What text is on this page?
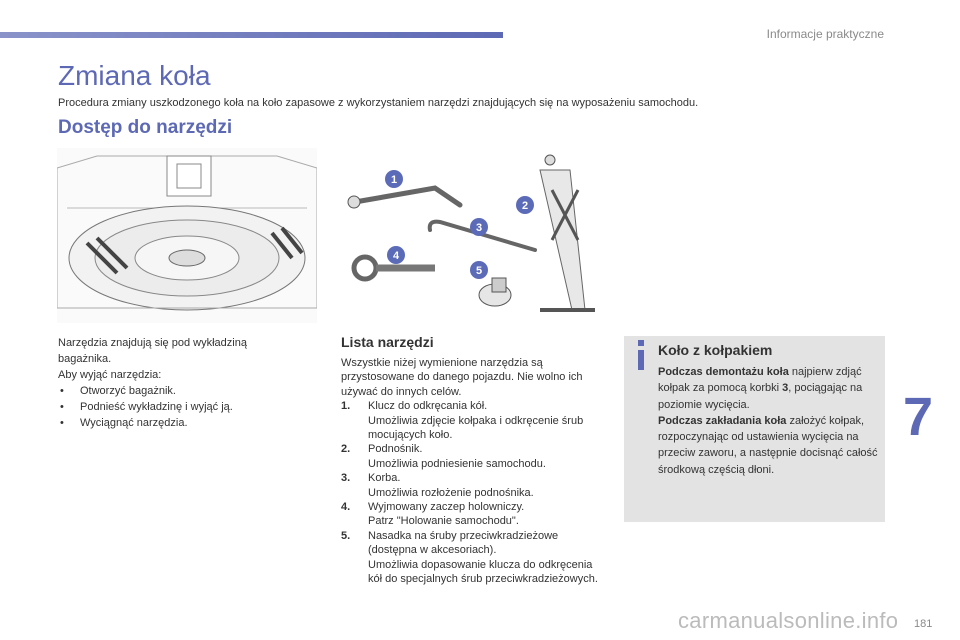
Informacje praktyczne
Zmiana koła
Procedura zmiany uszkodzonego koła na koło zapasowe z wykorzystaniem narzędzi znajdujących się na wyposażeniu samochodu.
Dostęp do narzędzi
1
2
3
4
5
Narzędzia znajdują się pod wykładziną bagażnika.
Aby wyjąć narzędzia:
•	Otworzyć bagażnik.
•	Podnieść wykładzinę i wyjąć ją.
•	Wyciągnąć narzędzia.
Lista narzędzi
Wszystkie niżej wymienione narzędzia są przystosowane do danego pojazdu. Nie wolno ich używać do innych celów.
1.	Klucz do odkręcania kół.
Umożliwia zdjęcie kołpaka i odkręcenie śrub mocujących koło.
2.	Podnośnik.
Umożliwia podniesienie samochodu.
3.	Korba.
Umożliwia rozłożenie podnośnika.
4.	Wyjmowany zaczep holowniczy.
Patrz "Holowanie samochodu".
5.	Nasadka na śruby przeciwkradzieżowe (dostępna w akcesoriach).
Umożliwia dopasowanie klucza do odkręcenia kół do specjalnych śrub przeciwkradzieżowych.
Koło z kołpakiem
Podczas demontażu koła najpierw zdjąć kołpak za pomocą korbki 3, pociągając na poziomie wycięcia.
Podczas zakładania koła założyć kołpak, rozpoczynając od ustawienia wycięcia na przeciw zaworu, a następnie docisnąć całość środkową częścią dłoni.
7
carmanualsonline.info 181
